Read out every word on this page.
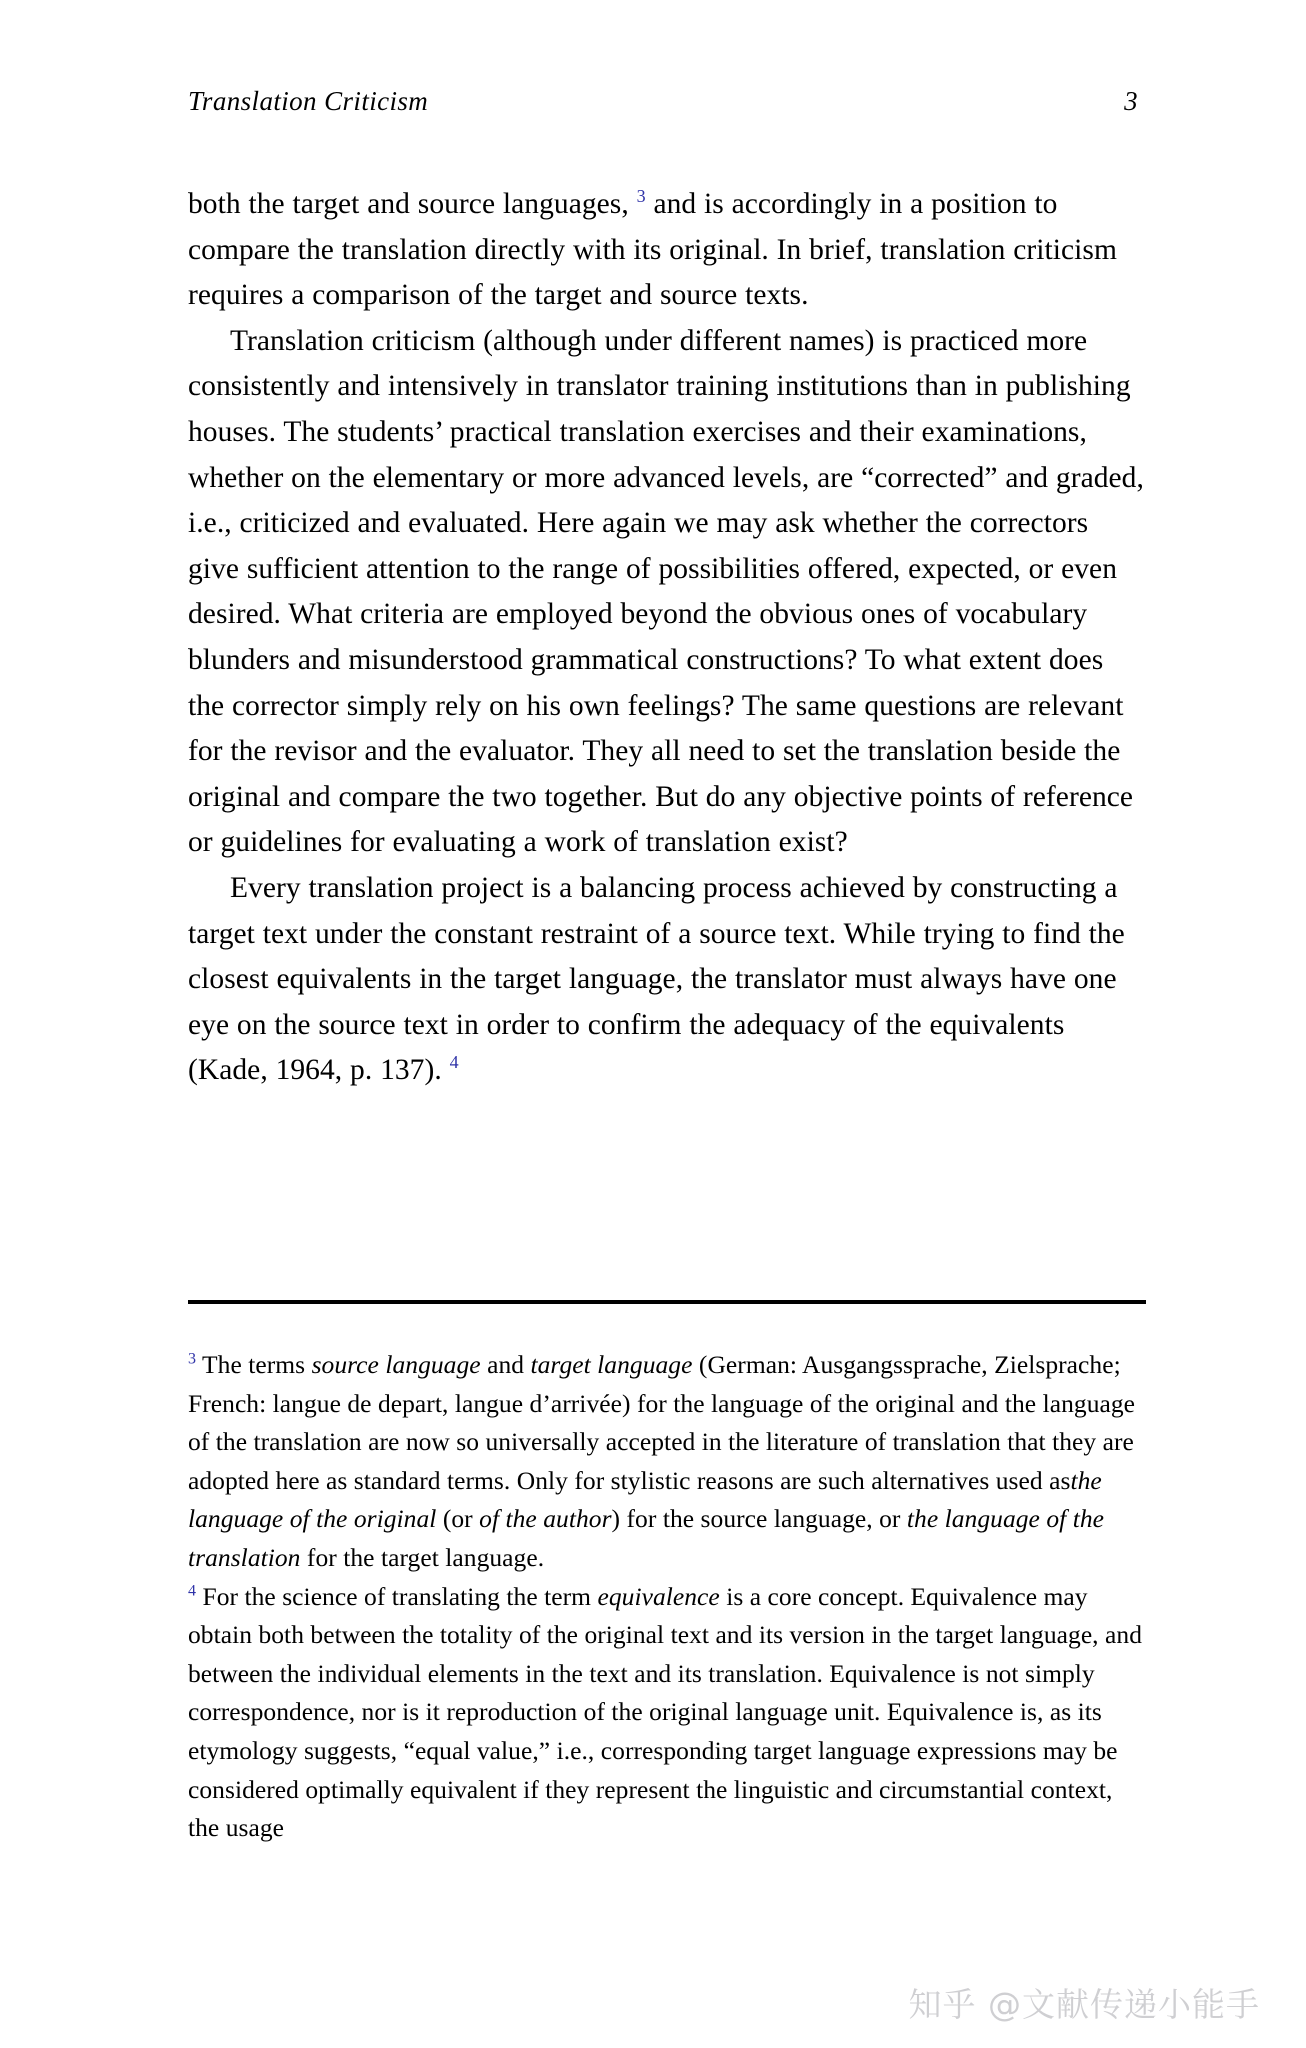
Translation Criticism	3

both the target and source languages, $^3$ and is accordingly in a position to compare the translation directly with its original. In brief, translation criticism requires a comparison of the target and source texts.

Translation criticism (although under different names) is practiced more consistently and intensively in translator training institutions than in publishing houses. The students’ practical translation exercises and their examinations, whether on the elementary or more advanced levels, are “corrected” and graded, i.e., criticized and evaluated. Here again we may ask whether the correctors give sufficient attention to the range of possibilities offered, expected, or even desired. What criteria are employed beyond the obvious ones of vocabulary blunders and misunderstood grammatical constructions? To what extent does the corrector simply rely on his own feelings? The same questions are relevant for the revisor and the evaluator. They all need to set the translation beside the original and compare the two together. But do any objective points of reference or guidelines for evaluating a work of translation exist?

Every translation project is a balancing process achieved by constructing a target text under the constant restraint of a source text. While trying to find the closest equivalents in the target language, the translator must always have one eye on the source text in order to confirm the adequacy of the equivalents (Kade, 1964, p. 137). $^4$

$^3$ The terms source language and target language (German: Ausgangssprache, Zielsprache; French: langue de depart, langue d’arrivée) for the language of the original and the language of the translation are now so universally accepted in the literature of translation that they are adopted here as standard terms. Only for stylistic reasons are such alternatives used asthe language of the original (or of the author) for the source language, or the language of the translation for the target language.

$^4$ For the science of translating the term equivalence is a core concept. Equivalence may obtain both between the totality of the original text and its version in the target language, and between the individual elements in the text and its translation. Equivalence is not simply correspondence, nor is it reproduction of the original language unit. Equivalence is, as its etymology suggests, “equal value,” i.e., corresponding target language expressions may be considered optimally equivalent if they represent the linguistic and circumstantial context, the usage

知乎 @文献传递小能手
